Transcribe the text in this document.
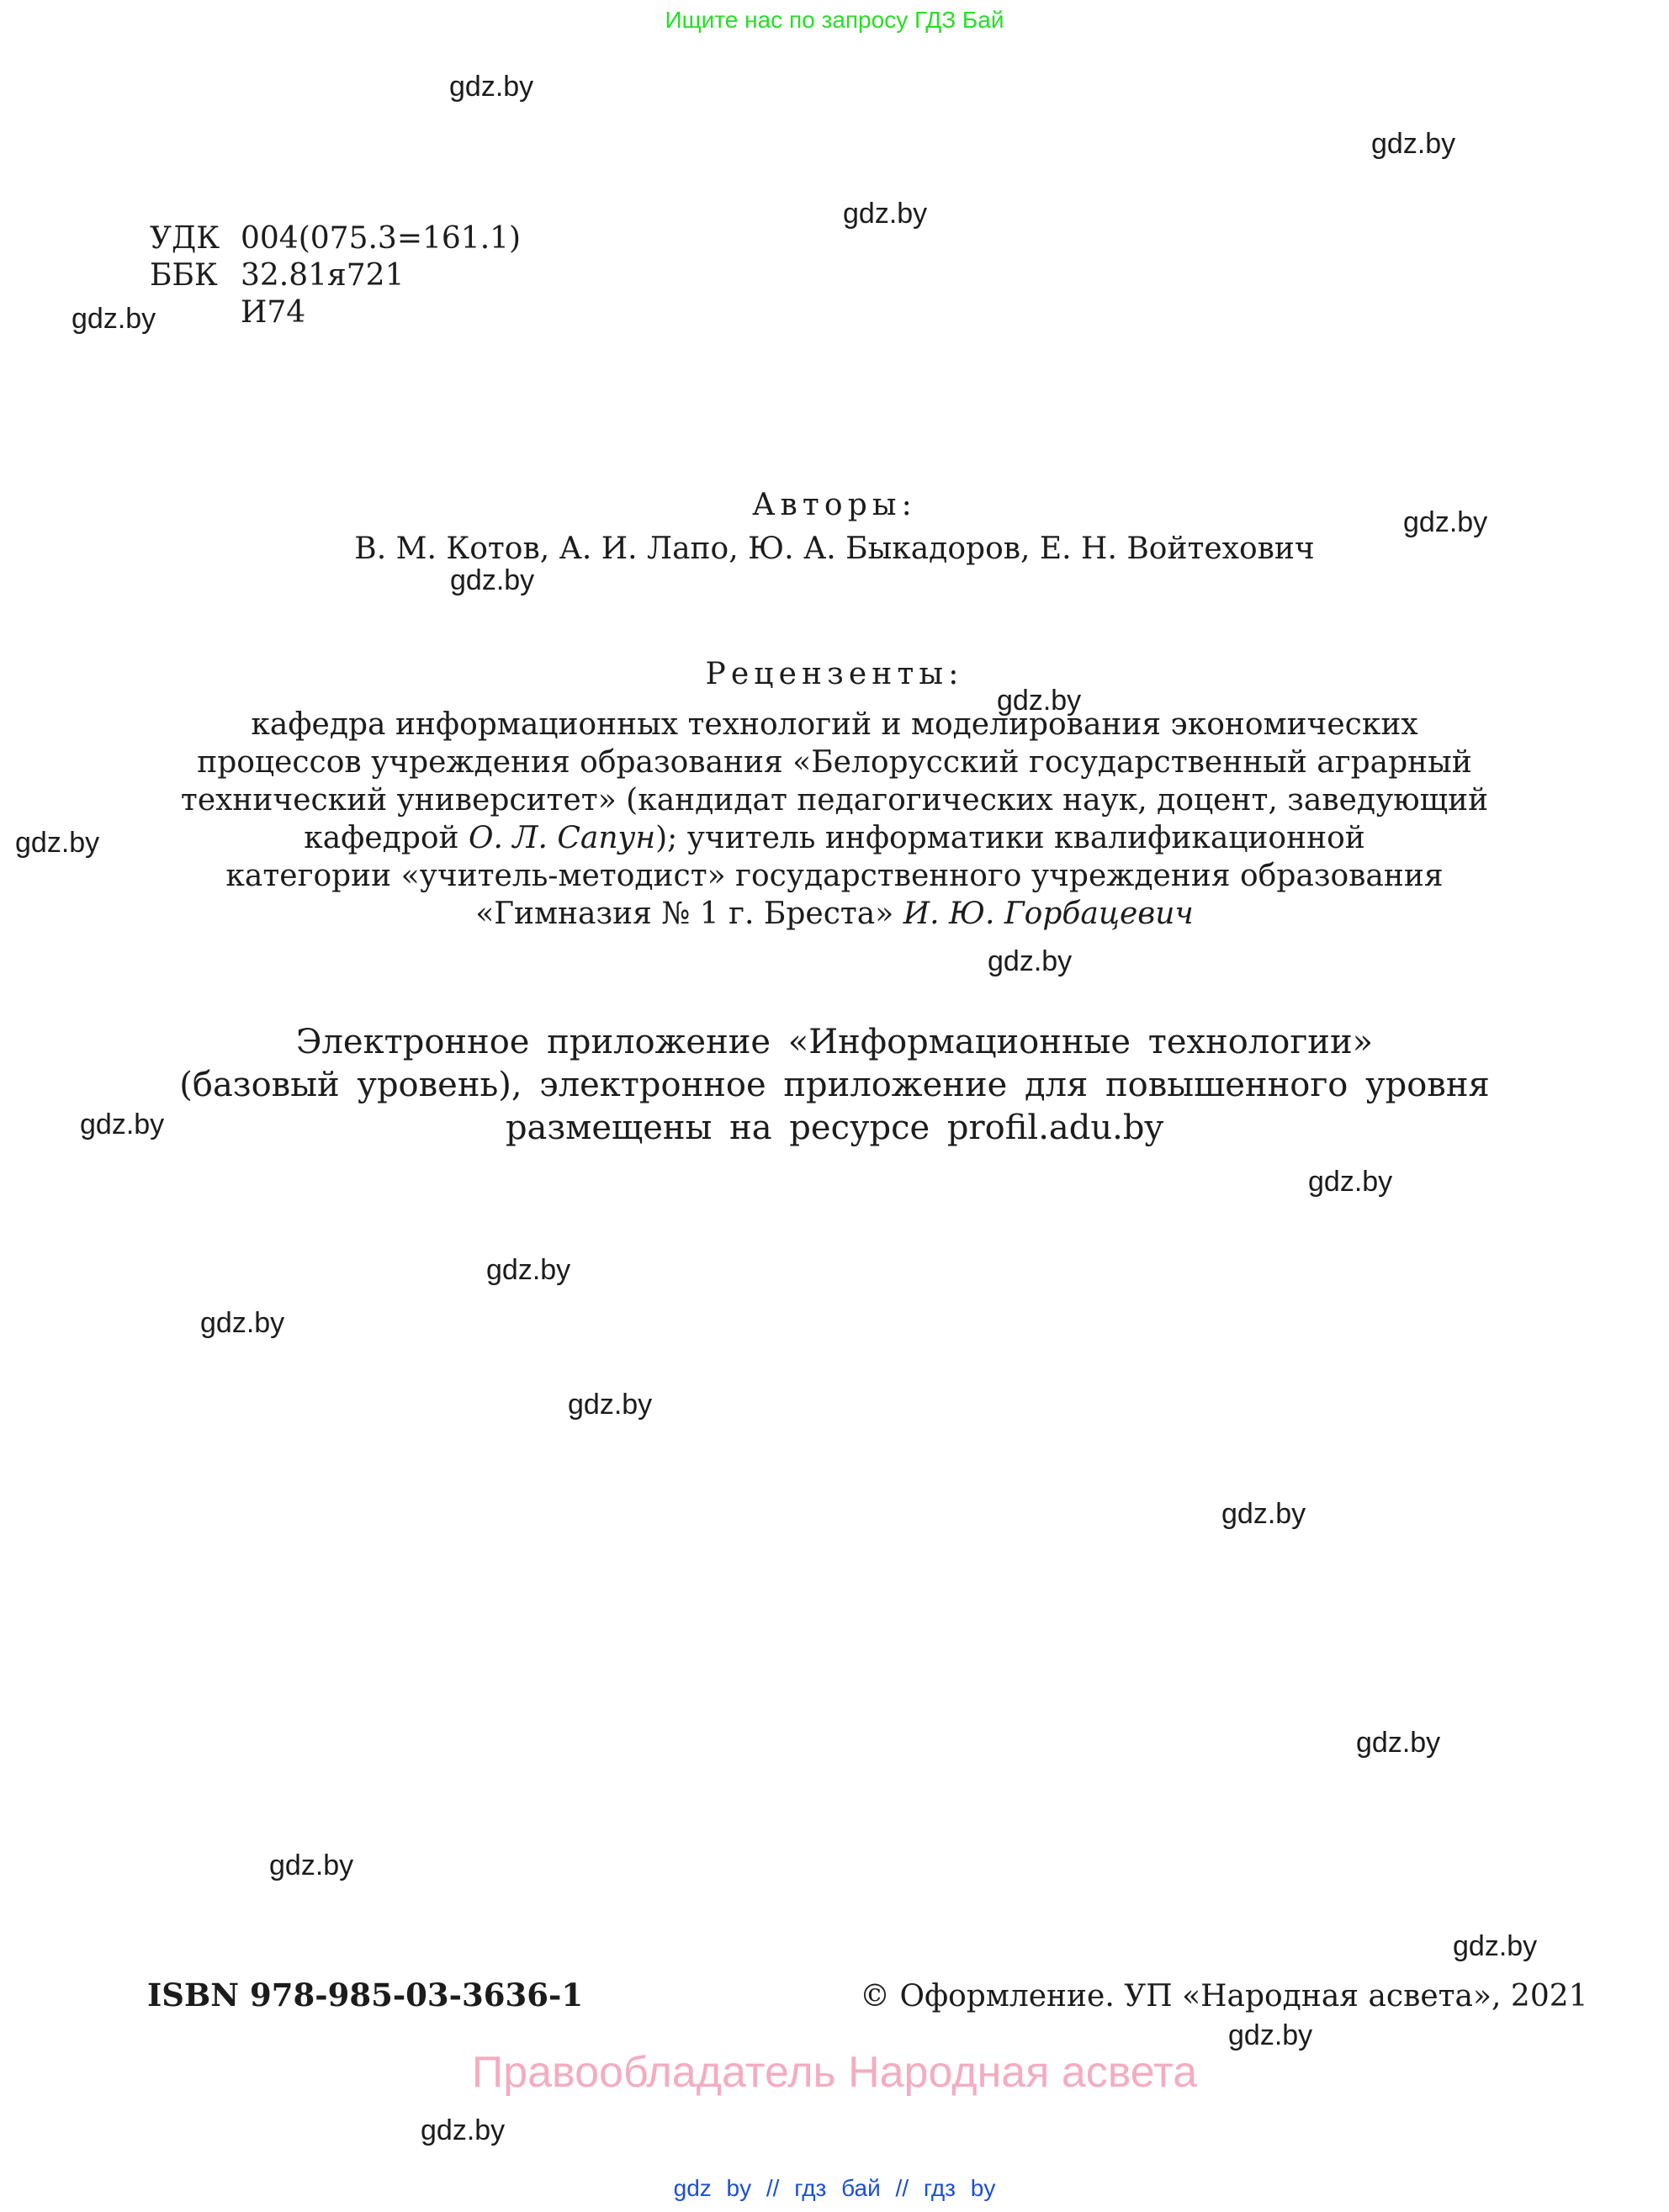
Ищите нас по запросу ГДЗ Бай
gdz.by
gdz.by
gdz.by
gdz.by
gdz.by
gdz.by
gdz.by
gdz.by
gdz.by
gdz.by
gdz.by
gdz.by
gdz.by
gdz.by
gdz.by
gdz.by
gdz.by
gdz.by
gdz.by
gdz.by
УДК 004(075.3=161.1)
ББК 32.81я721
И74
Авторы:
В. М. Котов, А. И. Лапо, Ю. А. Быкадоров, Е. Н. Войтехович
Рецензенты:
кафедра информационных технологий и моделирования экономических
процессов учреждения образования «Белорусский государственный аграрный
технический университет» (кандидат педагогических наук, доцент, заведующий
кафедрой О. Л. Сапун); учитель информатики квалификационной
категории «учитель-методист» государственного учреждения образования
«Гимназия № 1 г. Бреста» И. Ю. Горбацевич
Электронное приложение «Информационные технологии»
(базовый уровень), электронное приложение для повышенного уровня
размещены на ресурсе profil.adu.by
ISBN 978-985-03-3636-1	© Оформление. УП «Народная асвета», 2021
Правообладатель Народная асвета
gdz by // гдз бай // гдз by
